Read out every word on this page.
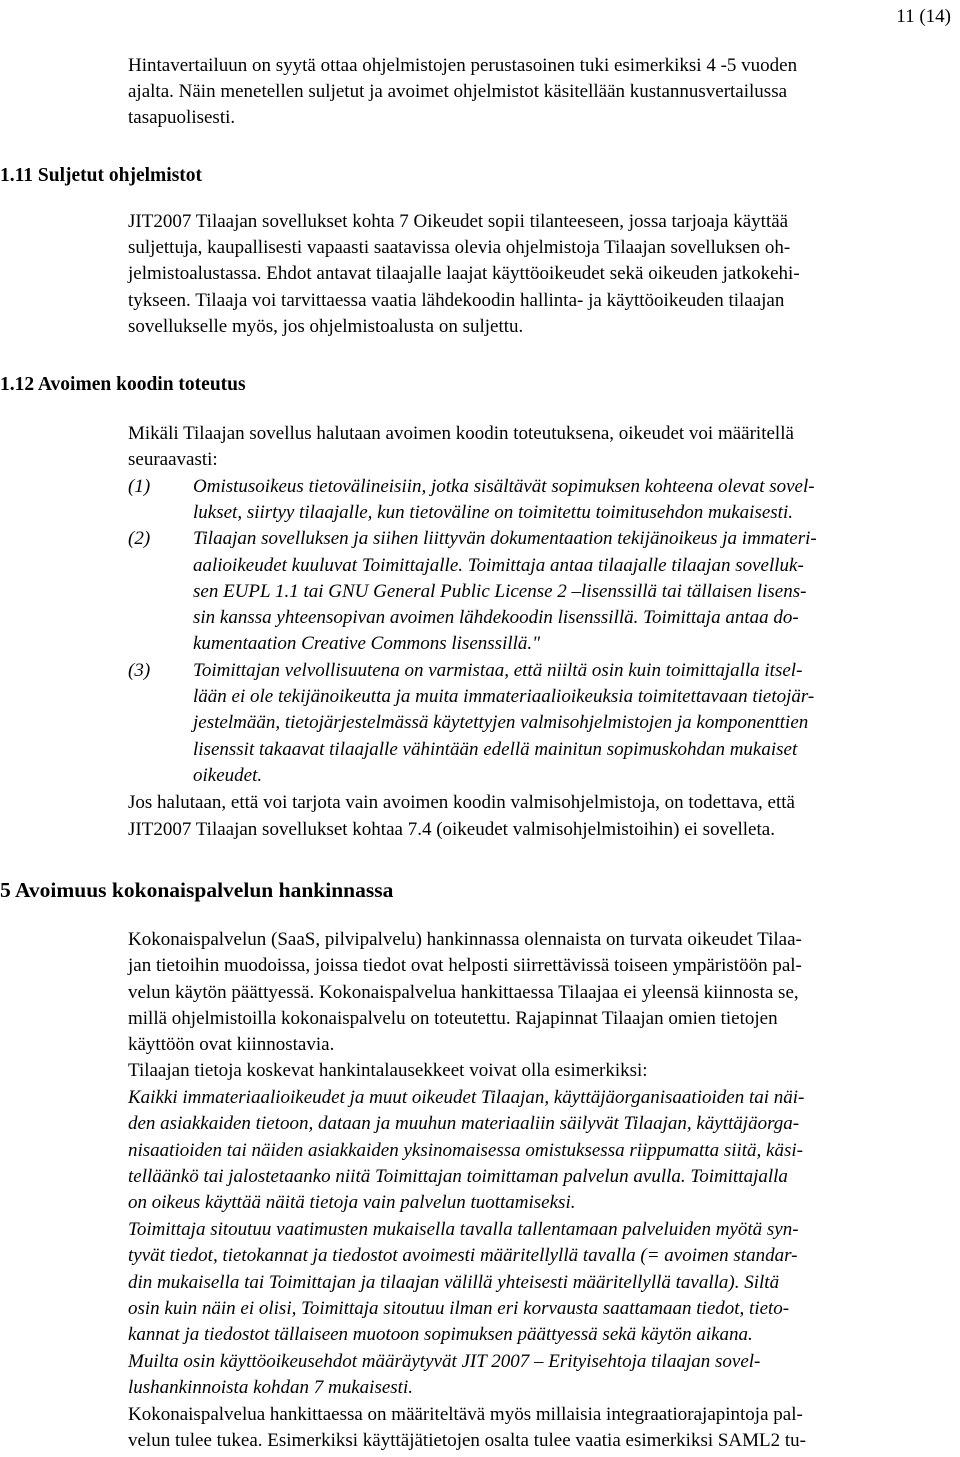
11 (14)
Hintavertailuun on syytä ottaa ohjelmistojen perustasoinen tuki esimerkiksi 4 -5 vuoden
ajalta. Näin menetellen suljetut ja avoimet ohjelmistot käsitellään kustannusvertailussa
tasapuolisesti.
1.11 Suljetut ohjelmistot
JIT2007 Tilaajan sovellukset kohta 7 Oikeudet sopii tilanteeseen, jossa tarjoaja käyttää
suljettuja, kaupallisesti vapaasti saatavissa olevia ohjelmistoja Tilaajan sovelluksen oh-
jelmistoalustassa. Ehdot antavat tilaajalle laajat käyttöoikeudet sekä oikeuden jatkokehi-
tykseen. Tilaaja voi tarvittaessa vaatia lähdekoodin hallinta- ja käyttöoikeuden tilaajan
sovellukselle myös, jos ohjelmistoalusta on suljettu.
1.12 Avoimen koodin toteutus
Mikäli Tilaajan sovellus halutaan avoimen koodin toteutuksena, oikeudet voi määritellä
seuraavasti:
(1) Omistusoikeus tietovälineisiin, jotka sisältävät sopimuksen kohteena olevat sovel-
lukset, siirtyy tilaajalle, kun tietoväline on toimitettu toimitusehdon mukaisesti.
(2) Tilaajan sovelluksen ja siihen liittyvän dokumentaation tekijänoikeus ja immateri-
aalioikeudet kuuluvat Toimittajalle. Toimittaja antaa tilaajalle tilaajan sovelluk-
sen EUPL 1.1 tai GNU General Public License 2 –lisenssillä tai tällaisen lisens-
sin kanssa yhteensopivan avoimen lähdekoodin lisenssillä. Toimittaja antaa do-
kumentaation Creative Commons lisenssillä."
(3) Toimittajan velvollisuutena on varmistaa, että niiltä osin kuin toimittajalla itsel-
lään ei ole tekijänoikeutta ja muita immateriaalioikeuksia toimitettavaan tietojär-
jestelmään, tietojärjestelmässä käytettyjen valmisohjelmistojen ja komponenttien
lisenssit takaavat tilaajalle vähintään edellä mainitun sopimuskohdan mukaiset
oikeudet.
Jos halutaan, että voi tarjota vain avoimen koodin valmisohjelmistoja, on todettava, että
JIT2007 Tilaajan sovellukset kohtaa 7.4 (oikeudet valmisohjelmistoihin) ei sovelleta.
5 Avoimuus kokonaispalvelun hankinnassa
Kokonaispalvelun (SaaS, pilvipalvelu) hankinnassa olennaista on turvata oikeudet Tilaa-
jan tietoihin muodoissa, joissa tiedot ovat helposti siirrettävissä toiseen ympäristöön pal-
velun käytön päättyessä. Kokonaispalvelua hankittaessa Tilaajaa ei yleensä kiinnosta se,
millä ohjelmistoilla kokonaispalvelu on toteutettu. Rajapinnat Tilaajan omien tietojen
käyttöön ovat kiinnostavia.
Tilaajan tietoja koskevat hankintalausekkeet voivat olla esimerkiksi:
Kaikki immateriaalioikeudet ja muut oikeudet Tilaajan, käyttäjäorganisaatioiden tai näi-
den asiakkaiden tietoon, dataan ja muuhun materiaaliin säilyvät Tilaajan, käyttäjäorga-
nisaatioiden tai näiden asiakkaiden yksinomaisessa omistuksessa riippumatta siitä, käsi-
telläänkö tai jalostetaanko niitä Toimittajan toimittaman palvelun avulla. Toimittajalla
on oikeus käyttää näitä tietoja vain palvelun tuottamiseksi.
Toimittaja sitoutuu vaatimusten mukaisella tavalla tallentamaan palveluiden myötä syn-
tyvät tiedot, tietokannat ja tiedostot avoimesti määritellyllä tavalla (= avoimen standar-
din mukaisella tai Toimittajan ja tilaajan välillä yhteisesti määritellyllä tavalla). Siltä
osin kuin näin ei olisi, Toimittaja sitoutuu ilman eri korvausta saattamaan tiedot, tieto-
kannat ja tiedostot tällaiseen muotoon sopimuksen päättyessä sekä käytön aikana.
Muilta osin käyttöoikeusehdot määräytyvät JIT 2007 – Erityisehtoja tilaajan sovel-
lushankinnoista kohdan 7 mukaisesti.
Kokonaispalvelua hankittaessa on määriteltävä myös millaisia integraatiorajapintoja pal-
velun tulee tukea. Esimerkiksi käyttäjätietojen osalta tulee vaatia esimerkiksi SAML2 tu-
